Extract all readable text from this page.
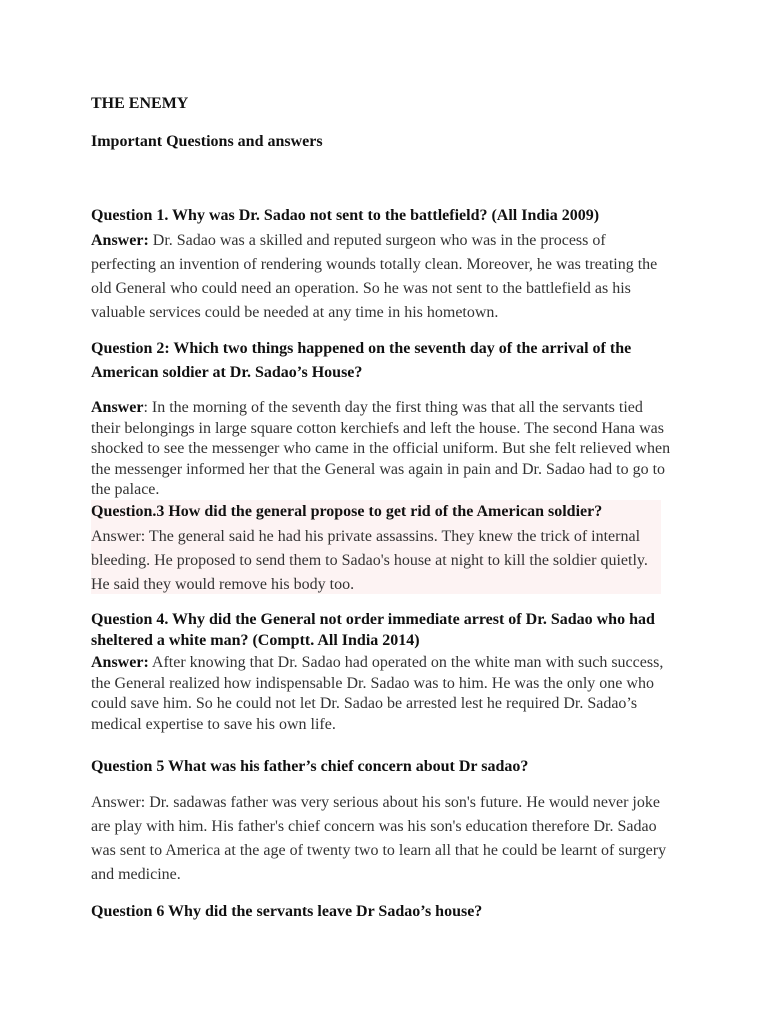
THE ENEMY

Important Questions and answers

Question 1. Why was Dr. Sadao not sent to the battlefield? (All India 2009)

Answer: Dr. Sadao was a skilled and reputed surgeon who was in the process of perfecting an invention of rendering wounds totally clean. Moreover, he was treating the old General who could need an operation. So he was not sent to the battlefield as his valuable services could be needed at any time in his hometown.

Question 2: Which two things happened on the seventh day of the arrival of the American soldier at Dr. Sadao’s House?

Answer: In the morning of the seventh day the first thing was that all the servants tied their belongings in large square cotton kerchiefs and left the house. The second Hana was shocked to see the messenger who came in the official uniform. But she felt relieved when the messenger informed her that the General was again in pain and Dr. Sadao had to go to the palace.

Question.3 How did the general propose to get rid of the American soldier?

Answer: The general said he had his private assassins. They knew the trick of internal bleeding. He proposed to send them to Sadao's house at night to kill the soldier quietly. He said they would remove his body too.

Question 4. Why did the General not order immediate arrest of Dr. Sadao who had sheltered a white man? (Comptt. All India 2014)

Answer: After knowing that Dr. Sadao had operated on the white man with such success, the General realized how indispensable Dr. Sadao was to him. He was the only one who could save him. So he could not let Dr. Sadao be arrested lest he required Dr. Sadao’s medical expertise to save his own life.

Question 5 What was his father’s chief concern about Dr sadao?

Answer: Dr. sadawas father was very serious about his son's future. He would never joke are play with him. His father's chief concern was his son's education therefore Dr. Sadao was sent to America at the age of twenty two to learn all that he could be learnt of surgery and medicine.

Question 6 Why did the servants leave Dr Sadao’s house?
